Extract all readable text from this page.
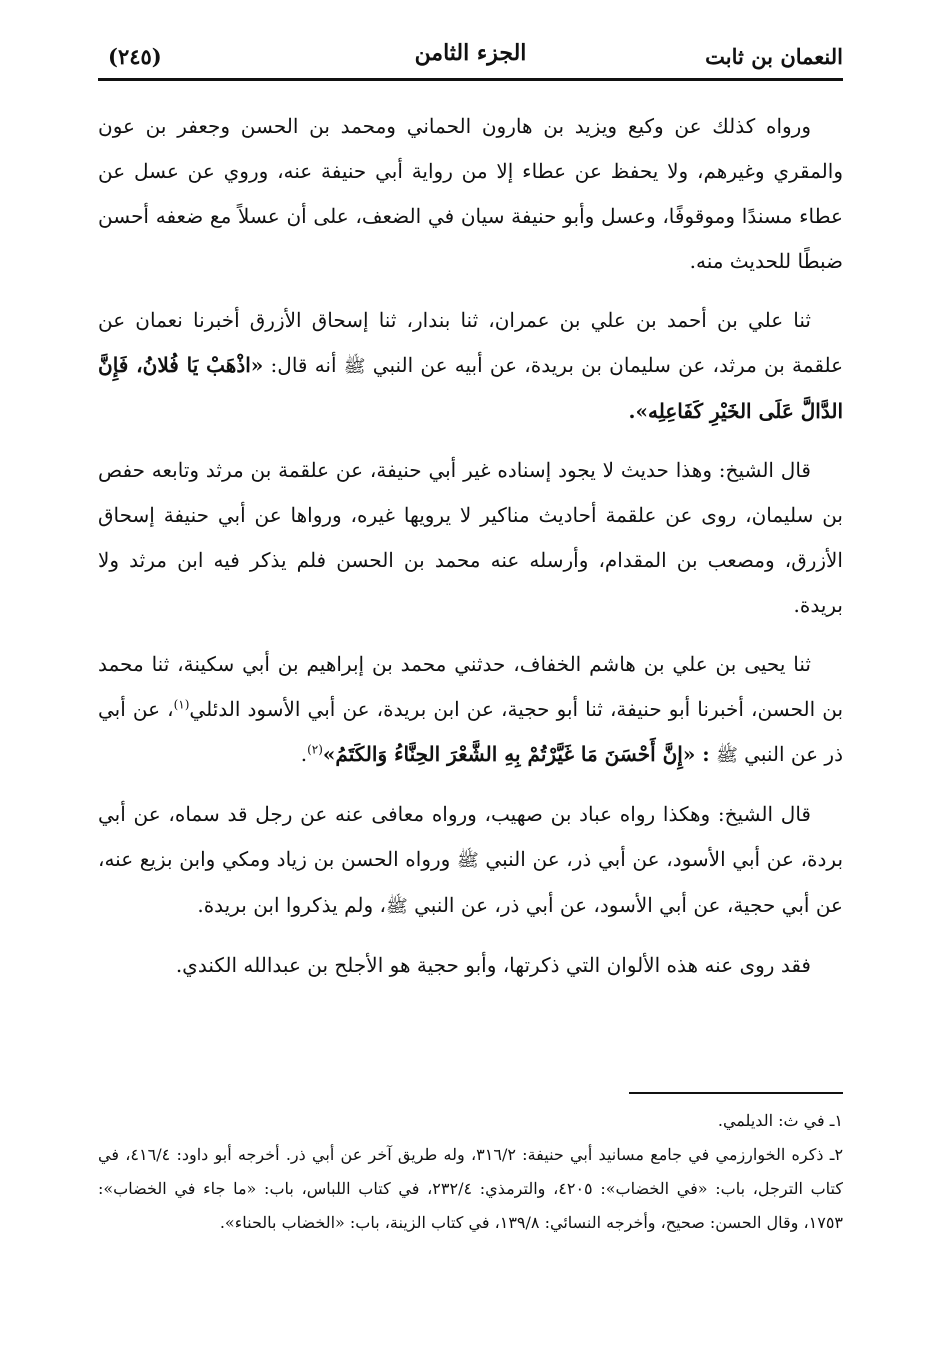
النعمان بن ثابت
الجزء الثامن
(٢٤٥)

ورواه كذلك عن وكيع ويزيد بن هارون الحماني ومحمد بن الحسن وجعفر بن عون والمقري وغيرهم، ولا يحفظ عن عطاء إلا من رواية أبي حنيفة عنه، وروي عن عسل عن عطاء مسندًا وموقوفًا، وعسل وأبو حنيفة سيان في الضعف، على أن عسلاً مع ضعفه أحسن ضبطًا للحديث منه.

ثنا علي بن أحمد بن علي بن عمران، ثنا بندار، ثنا إسحاق الأزرق أخبرنا نعمان عن علقمة بن مرثد، عن سليمان بن بريدة، عن أبيه عن النبي ﷺ أنه قال: «اذْهَبْ يَا فُلانُ، فَإِنَّ الدَّالَّ عَلَى الخَيْرِ كَفَاعِلِه».

قال الشيخ: وهذا حديث لا يجود إسناده غير أبي حنيفة، عن علقمة بن مرثد وتابعه حفص بن سليمان، روى عن علقمة أحاديث مناكير لا يرويها غيره، ورواها عن أبي حنيفة إسحاق الأزرق، ومصعب بن المقدام، وأرسله عنه محمد بن الحسن فلم يذكر فيه ابن مرثد ولا بريدة.

ثنا يحيى بن علي بن هاشم الخفاف، حدثني محمد بن إبراهيم بن أبي سكينة، ثنا محمد بن الحسن، أخبرنا أبو حنيفة، ثنا أبو حجية، عن ابن بريدة، عن أبي الأسود الدئلي$^{(١)}$، عن أبي ذر عن النبي ﷺ : «إِنَّ أَحْسَنَ مَا غَيَّرْتُمْ بِهِ الشَّعْرَ الحِنَّاءُ وَالكَتَمُ»$^{(٢)}$.

قال الشيخ: وهكذا رواه عباد بن صهيب، ورواه معافى عنه عن رجل قد سماه، عن أبي بردة، عن أبي الأسود، عن أبي ذر، عن النبي ﷺ ورواه الحسن بن زياد ومكي وابن بزيع عنه، عن أبي حجية، عن أبي الأسود، عن أبي ذر، عن النبي ﷺ، ولم يذكروا ابن بريدة.

فقد روى عنه هذه الألوان التي ذكرتها، وأبو حجية هو الأجلح بن عبدالله الكندي.

١ـ في ث: الديلمي.

٢ـ ذكره الخوارزمي في جامع مسانيد أبي حنيفة: ٣١٦/٢، وله طريق آخر عن أبي ذر. أخرجه أبو داود: ٤١٦/٤، في كتاب الترجل، باب: «في الخضاب»: ٤٢٠٥، والترمذي: ٢٣٢/٤، في كتاب اللباس، باب: «ما جاء في الخضاب»: ١٧٥٣، وقال الحسن: صحيح، وأخرجه النسائي: ١٣٩/٨، في كتاب الزينة، باب: «الخضاب بالحناء».
